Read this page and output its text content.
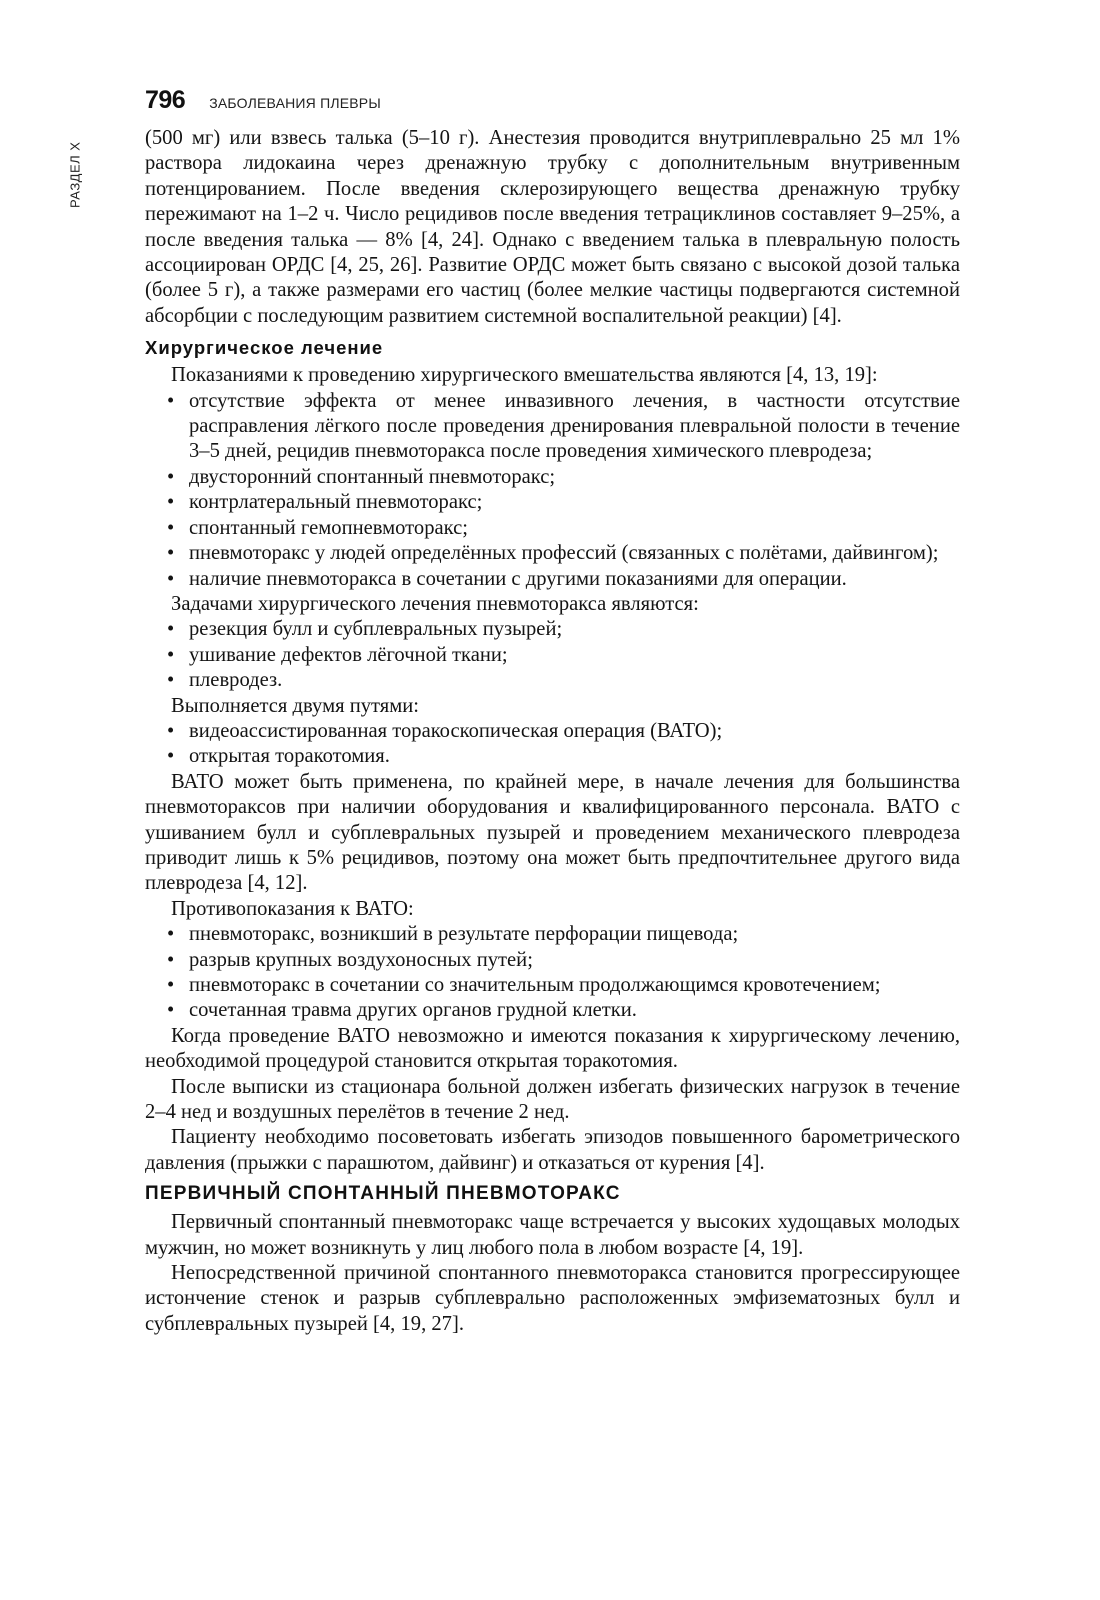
РАЗДЕЛ X
796 ЗАБОЛЕВАНИЯ ПЛЕВРЫ

(500 мг) или взвесь талька (5–10 г). Анестезия проводится внутриплеврально 25 мл 1% раствора лидокаина через дренажную трубку с дополнительным внутривенным потенцированием. После введения склерозирующего вещества дренажную трубку пережимают на 1–2 ч. Число рецидивов после введения тетрациклинов составляет 9–25%, а после введения талька — 8% [4, 24]. Однако с введением талька в плевральную полость ассоциирован ОРДС [4, 25, 26]. Развитие ОРДС может быть связано с высокой дозой талька (более 5 г), а также размерами его частиц (более мелкие частицы подвергаются системной абсорбции с последующим развитием системной воспалительной реакции) [4].

Хирургическое лечение

Показаниями к проведению хирургического вмешательства являются [4, 13, 19]:

• отсутствие эффекта от менее инвазивного лечения, в частности отсутствие расправления лёгкого после проведения дренирования плевральной полости в течение 3–5 дней, рецидив пневмоторакса после проведения химического плевродеза;
• двусторонний спонтанный пневмоторакс;
• контрлатеральный пневмоторакс;
• спонтанный гемопневмоторакс;
• пневмоторакс у людей определённых профессий (связанных с полётами, дайвингом);
• наличие пневмоторакса в сочетании с другими показаниями для операции.

Задачами хирургического лечения пневмоторакса являются:

• резекция булл и субплевральных пузырей;
• ушивание дефектов лёгочной ткани;
• плевродез.

Выполняется двумя путями:

• видеоассистированная торакоскопическая операция (ВАТО);
• открытая торакотомия.

ВАТО может быть применена, по крайней мере, в начале лечения для большинства пневмотораксов при наличии оборудования и квалифицированного персонала. ВАТО с ушиванием булл и субплевральных пузырей и проведением механического плевродеза приводит лишь к 5% рецидивов, поэтому она может быть предпочтительнее другого вида плевродеза [4, 12].

Противопоказания к ВАТО:

• пневмоторакс, возникший в результате перфорации пищевода;
• разрыв крупных воздухоносных путей;
• пневмоторакс в сочетании со значительным продолжающимся кровотечением;
• сочетанная травма других органов грудной клетки.

Когда проведение ВАТО невозможно и имеются показания к хирургическому лечению, необходимой процедурой становится открытая торакотомия.

После выписки из стационара больной должен избегать физических нагрузок в течение 2–4 нед и воздушных перелётов в течение 2 нед.

Пациенту необходимо посоветовать избегать эпизодов повышенного барометрического давления (прыжки с парашютом, дайвинг) и отказаться от курения [4].

ПЕРВИЧНЫЙ СПОНТАННЫЙ ПНЕВМОТОРАКС

Первичный спонтанный пневмоторакс чаще встречается у высоких худощавых молодых мужчин, но может возникнуть у лиц любого пола в любом возрасте [4, 19].

Непосредственной причиной спонтанного пневмоторакса становится прогрессирующее истончение стенок и разрыв субплеврально расположенных эмфизематозных булл и субплевральных пузырей [4, 19, 27].
